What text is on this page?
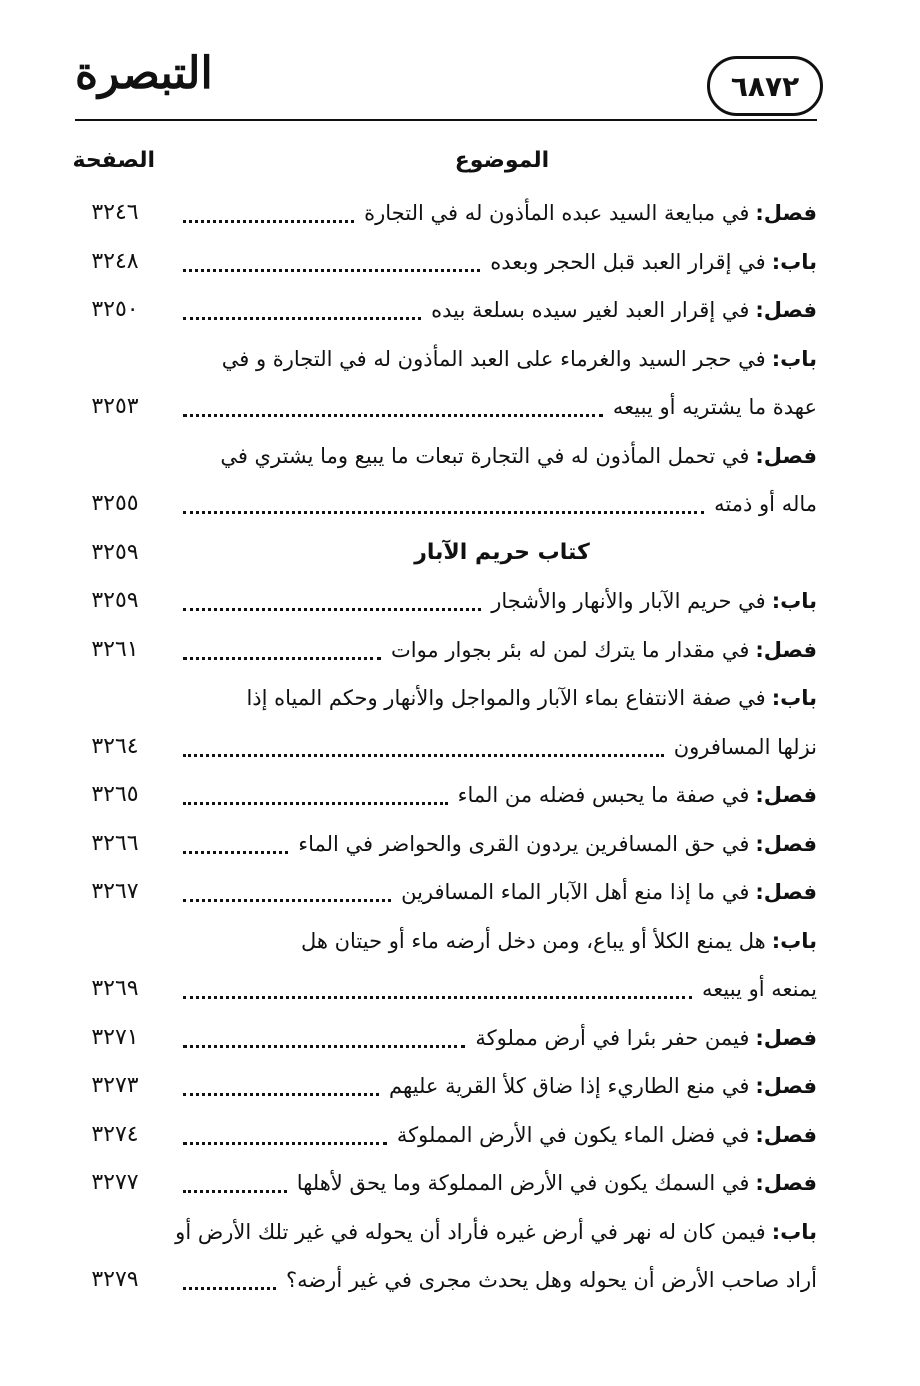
التبصرة	٦٨٧٢
الموضوع
الصفحة
فصل:
في مبايعة السيد عبده المأذون له في التجارة
٣٢٤٦
باب:
في إقرار العبد قبل الحجر وبعده
٣٢٤٨
فصل:
في إقرار العبد لغير سيده بسلعة بيده
٣٢٥٠
باب:
في حجر السيد والغرماء على العبد المأذون له في التجارة و في
عهدة ما يشتريه أو يبيعه
٣٢٥٣
فصل:
في تحمل المأذون له في التجارة تبعات ما يبيع وما يشتري في
ماله أو ذمته
٣٢٥٥
كتاب حريم الآبار
٣٢٥٩
باب:
في حريم الآبار والأنهار والأشجار
٣٢٥٩
فصل:
في مقدار ما يترك لمن له بئر بجوار موات
٣٢٦١
باب:
في صفة الانتفاع بماء الآبار والمواجل والأنهار وحكم المياه إذا
نزلها المسافرون
٣٢٦٤
فصل:
في صفة ما يحبس فضله من الماء
٣٢٦٥
فصل:
في حق المسافرين يردون القرى والحواضر في الماء
٣٢٦٦
فصل:
في ما إذا منع أهل الآبار الماء المسافرين
٣٢٦٧
باب:
هل يمنع الكلأ أو يباع، ومن دخل أرضه ماء أو حيتان هل
يمنعه أو يبيعه
٣٢٦٩
فصل:
فيمن حفر بئرا في أرض مملوكة
٣٢٧١
فصل:
في منع الطاريء إذا ضاق كلأ القرية عليهم
٣٢٧٣
فصل:
في فضل الماء يكون في الأرض المملوكة
٣٢٧٤
فصل:
في السمك يكون في الأرض المملوكة وما يحق لأهلها
٣٢٧٧
باب:
فيمن كان له نهر في أرض غيره فأراد أن يحوله في غير تلك الأرض أو
أراد صاحب الأرض أن يحوله وهل يحدث مجرى في غير أرضه؟
٣٢٧٩
